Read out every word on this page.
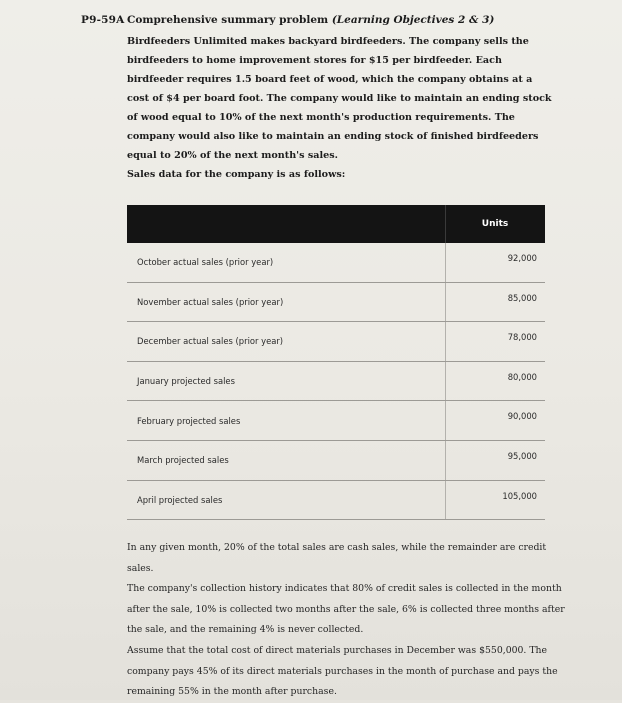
P9-59A Comprehensive summary problem (Learning Objectives 2 & 3)

Birdfeeders Unlimited makes backyard birdfeeders. The company sells the birdfeeders to home improvement stores for $15 per birdfeeder. Each birdfeeder requires 1.5 board feet of wood, which the company obtains at a cost of $4 per board foot. The company would like to maintain an ending stock of wood equal to 10% of the next month's production requirements. The company would also like to maintain an ending stock of finished birdfeeders equal to 20% of the next month's sales.

Sales data for the company is as follows:

Units
October actual sales (prior year)	92,000
November actual sales (prior year)	85,000
December actual sales (prior year)	78,000
January projected sales	80,000
February projected sales	90,000
March projected sales	95,000
April projected sales	105,000

In any given month, 20% of the total sales are cash sales, while the remainder are credit sales.

The company's collection history indicates that 80% of credit sales is collected in the month after the sale, 10% is collected two months after the sale, 6% is collected three months after the sale, and the remaining 4% is never collected.

Assume that the total cost of direct materials purchases in December was $550,000. The company pays 45% of its direct materials purchases in the month of purchase and pays the remaining 55% in the month after purchase.
